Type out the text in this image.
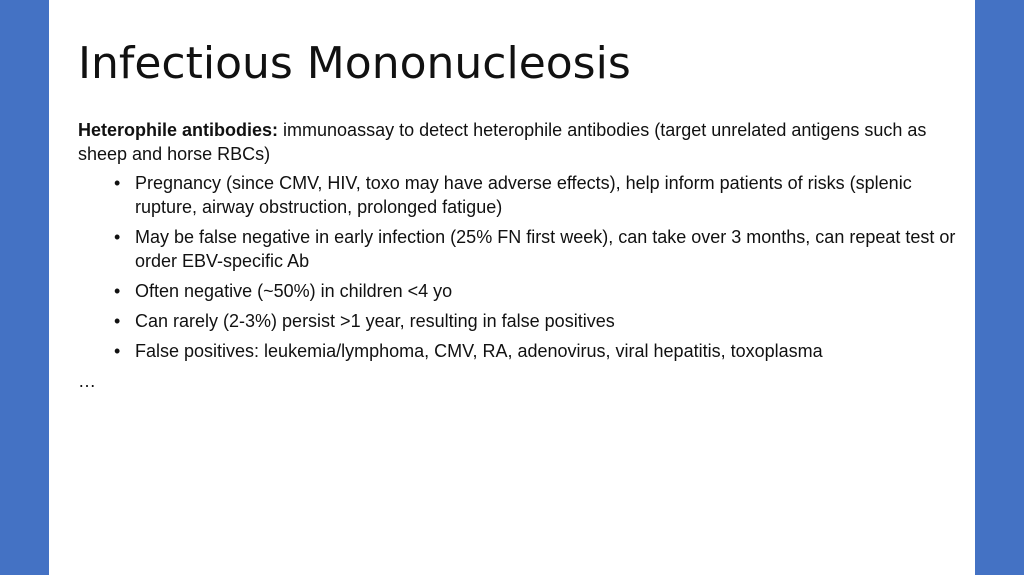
Infectious Mononucleosis

Heterophile antibodies: immunoassay to detect heterophile antibodies (target unrelated antigens such as sheep and horse RBCs)

• Pregnancy (since CMV, HIV, toxo may have adverse effects), help inform patients of risks (splenic rupture, airway obstruction, prolonged fatigue)
• May be false negative in early infection (25% FN first week), can take over 3 months, can repeat test or order EBV-specific Ab
• Often negative (~50%) in children <4 yo
• Can rarely (2-3%) persist >1 year, resulting in false positives
• False positives: leukemia/lymphoma, CMV, RA, adenovirus, viral hepatitis, toxoplasma

…
